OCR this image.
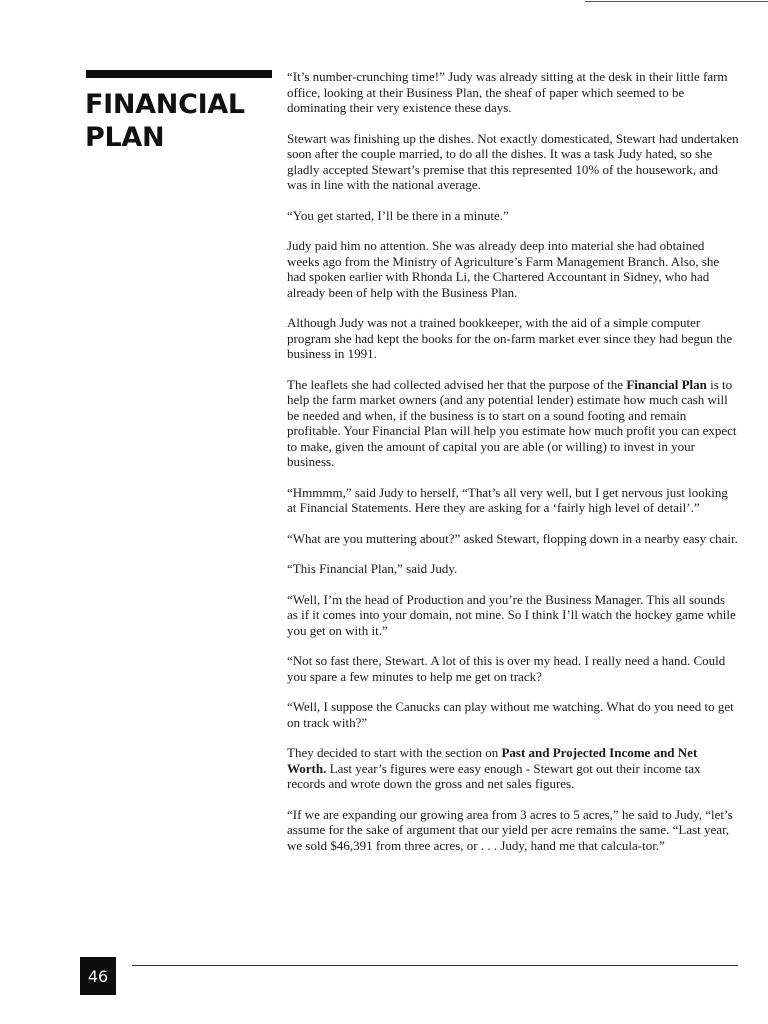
FINANCIAL
PLAN

“It’s number-crunching time!” Judy was already sitting at the desk in their little farm office, looking at their Business Plan, the sheaf of paper which seemed to be dominating their very existence these days.

Stewart was finishing up the dishes. Not exactly domesticated, Stewart had undertaken soon after the couple married, to do all the dishes. It was a task Judy hated, so she gladly accepted Stewart’s premise that this represented 10% of the housework, and was in line with the national average.

“You get started, I’ll be there in a minute.”

Judy paid him no attention. She was already deep into material she had obtained weeks ago from the Ministry of Agriculture’s Farm Management Branch. Also, she had spoken earlier with Rhonda Li, the Chartered Accountant in Sidney, who had already been of help with the Business Plan.

Although Judy was not a trained bookkeeper, with the aid of a simple computer program she had kept the books for the on-farm market ever since they had begun the business in 1991.

The leaflets she had collected advised her that the purpose of the Financial Plan is to help the farm market owners (and any potential lender) estimate how much cash will be needed and when, if the business is to start on a sound footing and remain profitable. Your Financial Plan will help you estimate how much profit you can expect to make, given the amount of capital you are able (or willing) to invest in your business.

“Hmmmm,” said Judy to herself, “That’s all very well, but I get nervous just looking at Financial Statements. Here they are asking for a ‘fairly high level of detail’.”

“What are you muttering about?” asked Stewart, flopping down in a nearby easy chair.

“This Financial Plan,” said Judy.

“Well, I’m the head of Production and you’re the Business Manager. This all sounds as if it comes into your domain, not mine. So I think I’ll watch the hockey game while you get on with it.”

“Not so fast there, Stewart. A lot of this is over my head. I really need a hand. Could you spare a few minutes to help me get on track?

“Well, I suppose the Canucks can play without me watching. What do you need to get on track with?”

They decided to start with the section on Past and Projected Income and Net Worth. Last year’s figures were easy enough - Stewart got out their income tax records and wrote down the gross and net sales figures.

“If we are expanding our growing area from 3 acres to 5 acres,” he said to Judy, “let’s assume for the sake of argument that our yield per acre remains the same. “Last year, we sold $46,391 from three acres, or . . . Judy, hand me that calcula-tor.”

46
